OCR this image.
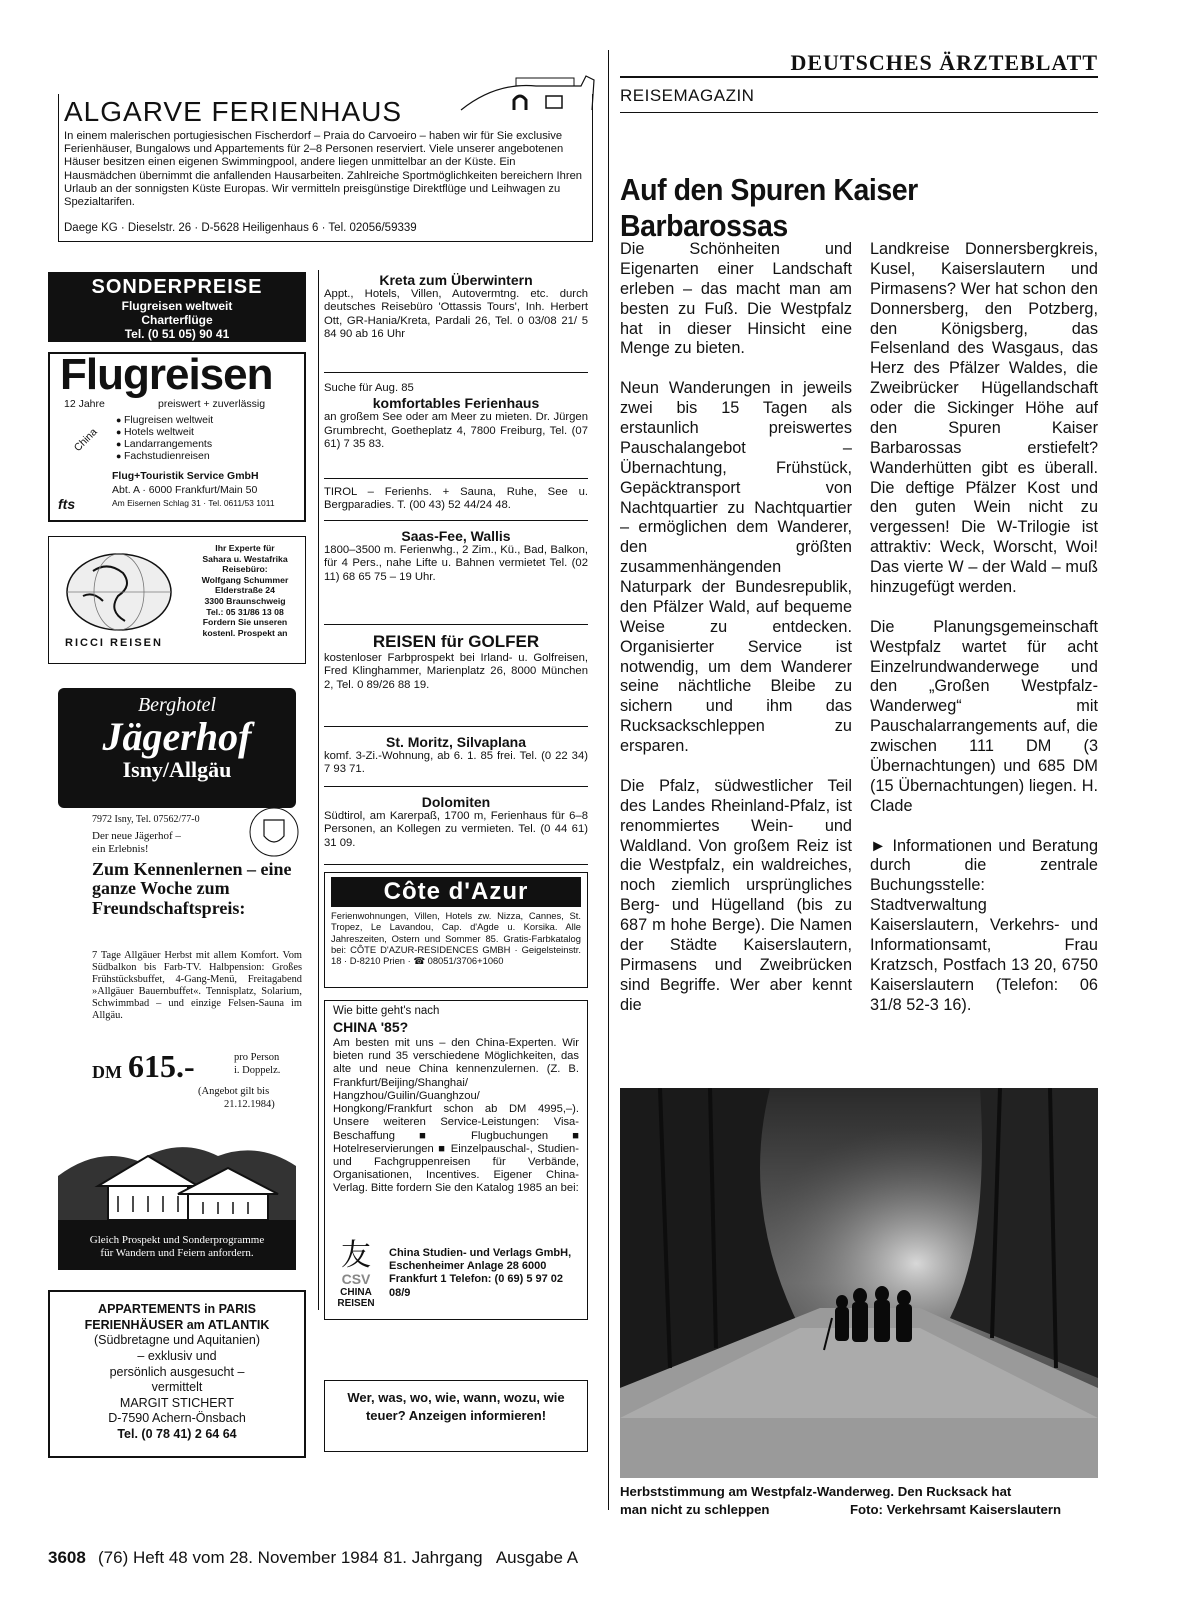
DEUTSCHES ÄRZTEBLATT
REISEMAGAZIN
ALGARVE FERIENHAUS
In einem malerischen portugiesischen Fischerdorf – Praia do Carvoeiro – haben wir für Sie exclusive Ferienhäuser, Bungalows und Appartements für 2–8 Personen reserviert. Viele unserer angebotenen Häuser besitzen einen eigenen Swimmingpool, andere liegen unmittelbar an der Küste. Ein Hausmädchen übernimmt die anfallenden Hausarbeiten. Zahlreiche Sportmöglichkeiten bereichern Ihren Urlaub an der sonnigsten Küste Europas. Wir vermitteln preisgünstige Direktflüge und Leihwagen zu Spezialtarifen.
Daege KG · Dieselstr. 26 · D-5628 Heiligenhaus 6 · Tel. 02056/59339
SONDERPREISE
Flugreisen weltweit
Charterflüge
Tel. (0 51 05) 90 41
Flugreisen
12 Jahre	preiswert + zuverlässig
● Flugreisen weltweit
● Hotels weltweit
● Landarrangements
● Fachstudienreisen
China
Flug+Touristik Service GmbH
Abt. A · 6000 Frankfurt/Main 50
Am Eisernen Schlag 31 · Tel. 0611/53 1011
fts
RICCI REISEN
Ihr Experte für
Sahara u. Westafrika
Reisebüro:
Wolfgang Schummer
Elderstraße 24
3300 Braunschweig
Tel.: 05 31/86 13 08
Fordern Sie unseren
kostenl. Prospekt an
Berghotel
Jägerhof
Isny/Allgäu
7972 Isny, Tel. 07562/77-0
Der neue Jägerhof –
ein Erlebnis!
Zum Kennenlernen – eine ganze Woche zum Freundschaftspreis:
7 Tage Allgäuer Herbst mit allem Komfort. Vom Südbalkon bis Farb-TV. Halbpension: Großes Frühstücksbuffet, 4-Gang-Menü, Freitagabend »Allgäuer Bauernbuffet«. Tennisplatz, Solarium, Schwimmbad – und einzige Felsen-Sauna im Allgäu.
DM 615.-	pro Person
i. Doppelz.
(Angebot gilt bis
21.12.1984)
Gleich Prospekt und Sonderprogramme
für Wandern und Feiern anfordern.
APPARTEMENTS in PARIS
FERIENHÄUSER am ATLANTIK
(Südbretagne und Aquitanien)
– exklusiv und
persönlich ausgesucht –
vermittelt
MARGIT STICHERT
D-7590 Achern-Önsbach
Tel. (0 78 41) 2 64 64
Kreta zum Überwintern
Appt., Hotels, Villen, Autovermtng. etc. durch deutsches Reisebüro 'Ottassis Tours', Inh. Herbert Ott, GR-Hania/Kreta, Pardali 26, Tel. 0 03/08 21/ 5 84 90 ab 16 Uhr
Suche für Aug. 85
komfortables Ferienhaus
an großem See oder am Meer zu mieten. Dr. Jürgen Grumbrecht, Goetheplatz 4, 7800 Freiburg, Tel. (07 61) 7 35 83.
TIROL – Ferienhs. + Sauna, Ruhe, See u. Bergparadies. T. (00 43) 52 44/24 48.
Saas-Fee, Wallis
1800–3500 m. Ferienwhg., 2 Zim., Kü., Bad, Balkon, für 4 Pers., nahe Lifte u. Bahnen vermietet Tel. (02 11) 68 65 75 – 19 Uhr.
REISEN für GOLFER
kostenloser Farbprospekt bei Irland- u. Golfreisen, Fred Klinghammer, Marienplatz 26, 8000 München 2, Tel. 0 89/26 88 19.
St. Moritz, Silvaplana
komf. 3-Zi.-Wohnung, ab 6. 1. 85 frei. Tel. (0 22 34) 7 93 71.
Dolomiten
Südtirol, am Karerpaß, 1700 m, Ferienhaus für 6–8 Personen, an Kollegen zu vermieten. Tel. (0 44 61) 31 09.
Côte d'Azur
Ferienwohnungen, Villen, Hotels zw. Nizza, Cannes, St. Tropez, Le Lavandou, Cap. d'Agde u. Korsika. Alle Jahreszeiten, Ostern und Sommer 85. Gratis-Farbkatalog bei: CÔTE D'AZUR-RESIDENCES GMBH · Geigelsteinstr. 18 · D-8210 Prien · ☎ 08051/3706+1060
Wie bitte geht's nach
CHINA '85?
Am besten mit uns – den China-Experten. Wir bieten rund 35 verschiedene Möglichkeiten, das alte und neue China kennenzulernen. (Z. B. Frankfurt/Beijing/Shanghai/ Hangzhou/Guilin/Guanghzou/ Hongkong/Frankfurt schon ab DM 4995,–). Unsere weiteren Service-Leistungen: Visa-Beschaffung ■ Flugbuchungen ■ Hotelreservierungen ■ Einzelpauschal-, Studien- und Fachgruppenreisen für Verbände, Organisationen, Incentives. Eigener China-Verlag. Bitte fordern Sie den Katalog 1985 an bei:
友
CSV
CHINA
REISEN
China Studien- und Verlags GmbH, Eschenheimer Anlage 28 6000 Frankfurt 1 Telefon: (0 69) 5 97 02 08/9
Wer, was, wo, wie, wann, wozu, wie teuer? Anzeigen informieren!
Auf den Spuren Kaiser Barbarossas

Die Schönheiten und Eigenarten einer Landschaft erleben – das macht man am besten zu Fuß. Die Westpfalz hat in dieser Hinsicht eine Menge zu bieten.

Neun Wanderungen in jeweils zwei bis 15 Tagen als erstaunlich preiswertes Pauschalangebot – Übernachtung, Frühstück, Gepäcktransport von Nachtquartier zu Nachtquartier – ermöglichen dem Wanderer, den größten zusammenhängenden Naturpark der Bundesrepublik, den Pfälzer Wald, auf bequeme Weise zu entdecken. Organisierter Service ist notwendig, um dem Wanderer seine nächtliche Bleibe zu sichern und ihm das Rucksackschleppen zu ersparen.

Die Pfalz, südwestlicher Teil des Landes Rheinland-Pfalz, ist renommiertes Wein- und Waldland. Von großem Reiz ist die Westpfalz, ein waldreiches, noch ziemlich ursprüngliches Berg- und Hügelland (bis zu 687 m hohe Berge). Die Namen der Städte Kaiserslautern, Pirmasens und Zweibrücken sind Begriffe. Wer aber kennt die

Landkreise Donnersbergkreis, Kusel, Kaiserslautern und Pirmasens? Wer hat schon den Donnersberg, den Potzberg, den Königsberg, das Felsenland des Wasgaus, das Herz des Pfälzer Waldes, die Zweibrücker Hügellandschaft oder die Sickinger Höhe auf den Spuren Kaiser Barbarossas erstiefelt? Wanderhütten gibt es überall. Die deftige Pfälzer Kost und den guten Wein nicht zu vergessen! Die W-Trilogie ist attraktiv: Weck, Worscht, Woi! Das vierte W – der Wald – muß hinzugefügt werden.

Die Planungsgemeinschaft Westpfalz wartet für acht Einzelrundwanderwege und den „Großen Westpfalz-Wanderweg“ mit Pauschalarrangements auf, die zwischen 111 DM (3 Übernachtungen) und 685 DM (15 Übernachtungen) liegen. H. Clade

► Informationen und Beratung durch die zentrale Buchungsstelle: Stadtverwaltung Kaiserslautern, Verkehrs- und Informationsamt, Frau Kratzsch, Postfach 13 20, 6750 Kaiserslautern (Telefon: 06 31/8 52-3 16).

Herbststimmung am Westpfalz-Wanderweg. Den Rucksack hat
man nicht zu schleppen	Foto: Verkehrsamt Kaiserslautern
3608 (76) Heft 48 vom 28. November 1984 81. Jahrgang   Ausgabe A
